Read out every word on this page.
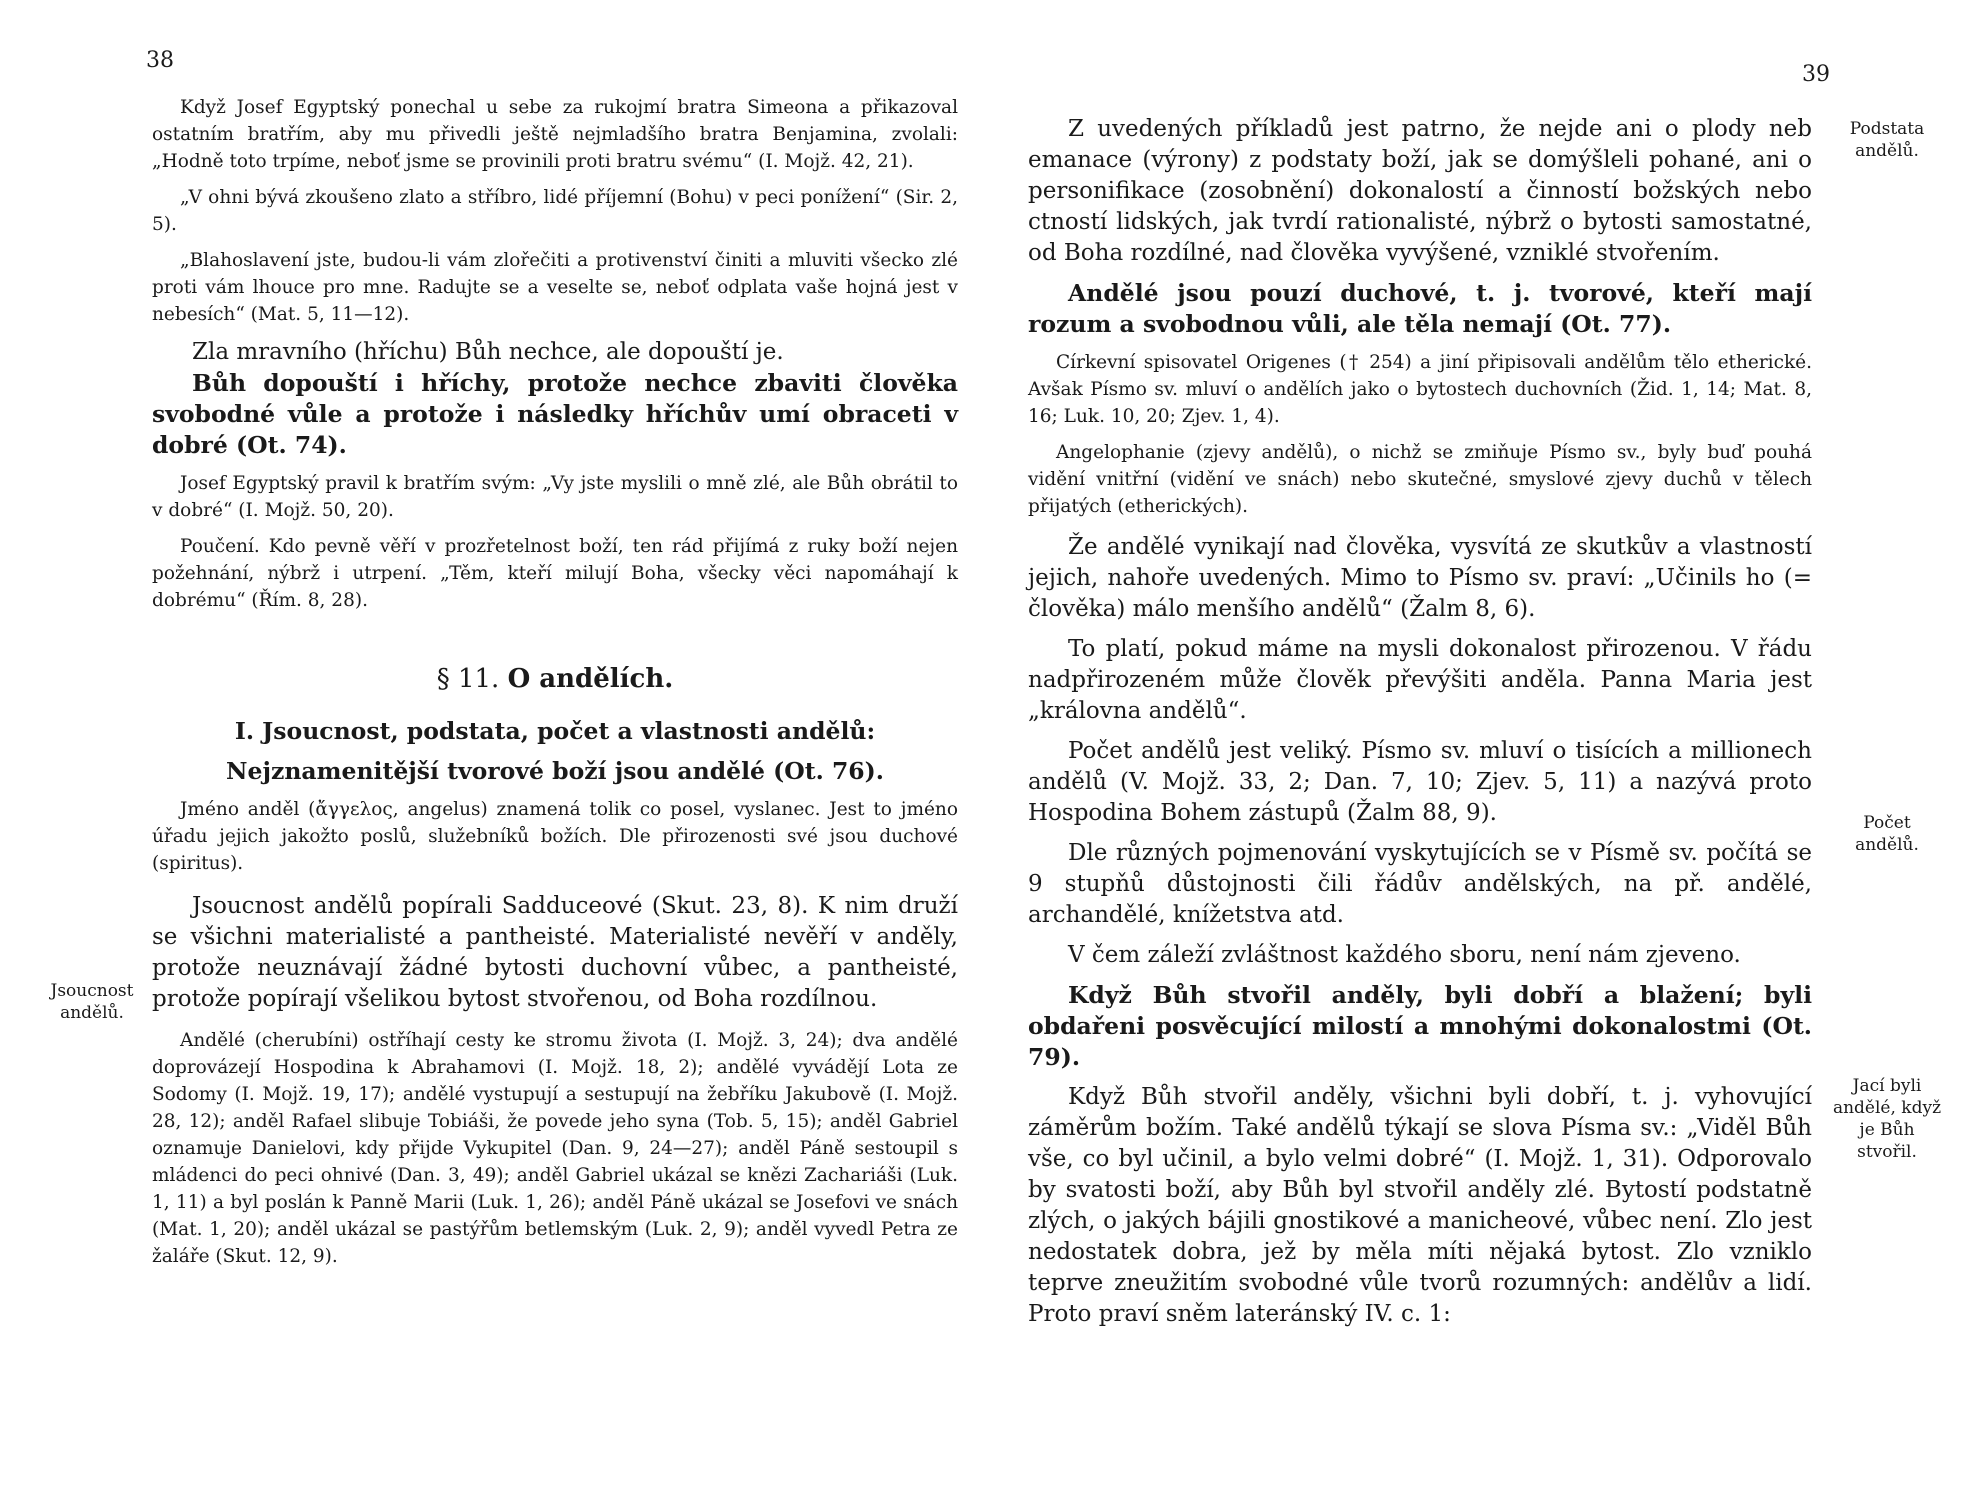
38

Když Josef Egyptský ponechal u sebe za rukojmí bratra Simeona a přikazoval ostatním bratřím, aby mu přivedli ještě nejmladšího bratra Benjamina, zvolali: „Hodně toto trpíme, neboť jsme se provinili proti bratru svému“ (I. Mojž. 42, 21).

„V ohni bývá zkoušeno zlato a stříbro, lidé příjemní (Bohu) v peci ponížení“ (Sir. 2, 5).

„Blahoslavení jste, budou-li vám zlořečiti a protivenství činiti a mluviti všecko zlé proti vám lhouce pro mne. Radujte se a veselte se, neboť odplata vaše hojná jest v nebesích“ (Mat. 5, 11—12).

Zla mravního (hříchu) Bůh nechce, ale dopouští je.

Bůh dopouští i hříchy, protože nechce zbaviti člověka svobodné vůle a protože i následky hříchův umí obraceti v dobré (Ot. 74).

Josef Egyptský pravil k bratřím svým: „Vy jste myslili o mně zlé, ale Bůh obrátil to v dobré“ (I. Mojž. 50, 20).

Poučení. Kdo pevně věří v prozřetelnost boží, ten rád přijímá z ruky boží nejen požehnání, nýbrž i utrpení. „Těm, kteří milují Boha, všecky věci napomáhají k dobrému“ (Řím. 8, 28).

§ 11. O andělích.

I. Jsoucnost, podstata, počet a vlastnosti andělů:

Nejznamenitější tvorové boží jsou andělé (Ot. 76).

Jméno anděl (ἄγγελος, angelus) znamená tolik co posel, vyslanec. Jest to jméno úřadu jejich jakožto poslů, služebníků božích. Dle přirozenosti své jsou duchové (spiritus).

Jsoucnost andělů popírali Sadduceové (Skut. 23, 8). K nim druží se všichni materialisté a pantheisté. Materialisté nevěří v anděly, protože neuznávají žádné bytosti duchovní vůbec, a pantheisté, protože popírají všelikou bytost stvořenou, od Boha rozdílnou.

Andělé (cherubíni) ostříhají cesty ke stromu života (I. Mojž. 3, 24); dva andělé doprovázejí Hospodina k Abrahamovi (I. Mojž. 18, 2); andělé vyvádějí Lota ze Sodomy (I. Mojž. 19, 17); andělé vystupují a sestupují na žebříku Jakubově (I. Mojž. 28, 12); anděl Rafael slibuje Tobiáši, že povede jeho syna (Tob. 5, 15); anděl Gabriel oznamuje Danielovi, kdy přijde Vykupitel (Dan. 9, 24—27); anděl Páně sestoupil s mládenci do peci ohnivé (Dan. 3, 49); anděl Gabriel ukázal se knězi Zachariáši (Luk. 1, 11) a byl poslán k Panně Marii (Luk. 1, 26); anděl Páně ukázal se Josefovi ve snách (Mat. 1, 20); anděl ukázal se pastýřům betlemským (Luk. 2, 9); anděl vyvedl Petra ze žaláře (Skut. 12, 9).

Jsoucnost andělů.
39

Z uvedených příkladů jest patrno, že nejde ani o plody neb emanace (výrony) z podstaty boží, jak se domýšleli pohané, ani o personifikace (zosobnění) dokonalostí a činností božských nebo ctností lidských, jak tvrdí rationalisté, nýbrž o bytosti samostatné, od Boha rozdílné, nad člověka vyvýšené, vzniklé stvořením.

Andělé jsou pouzí duchové, t. j. tvorové, kteří mají rozum a svobodnou vůli, ale těla nemají (Ot. 77).

Církevní spisovatel Origenes († 254) a jiní připisovali andělům tělo etherické. Avšak Písmo sv. mluví o andělích jako o bytostech duchovních (Žid. 1, 14; Mat. 8, 16; Luk. 10, 20; Zjev. 1, 4).

Angelophanie (zjevy andělů), o nichž se zmiňuje Písmo sv., byly buď pouhá vidění vnitřní (vidění ve snách) nebo skutečné, smyslové zjevy duchů v tělech přijatých (etherických).

Že andělé vynikají nad člověka, vysvítá ze skutkův a vlastností jejich, nahoře uvedených. Mimo to Písmo sv. praví: „Učinils ho (= člověka) málo menšího andělů“ (Žalm 8, 6).

To platí, pokud máme na mysli dokonalost přirozenou. V řádu nadpřirozeném může člověk převýšiti anděla. Panna Maria jest „královna andělů“.

Počet andělů jest veliký. Písmo sv. mluví o tisících a millionech andělů (V. Mojž. 33, 2; Dan. 7, 10; Zjev. 5, 11) a nazývá proto Hospodina Bohem zástupů (Žalm 88, 9).

Dle různých pojmenování vyskytujících se v Písmě sv. počítá se 9 stupňů důstojnosti čili řádův andělských, na př. andělé, archandělé, knížetstva atd.

V čem záleží zvláštnost každého sboru, není nám zjeveno.

Když Bůh stvořil anděly, byli dobří a blažení; byli obdařeni posvěcující milostí a mnohými dokonalostmi (Ot. 79).

Když Bůh stvořil anděly, všichni byli dobří, t. j. vyhovující záměrům božím. Také andělů týkají se slova Písma sv.: „Viděl Bůh vše, co byl učinil, a bylo velmi dobré“ (I. Mojž. 1, 31). Odporovalo by svatosti boží, aby Bůh byl stvořil anděly zlé. Bytostí podstatně zlých, o jakých bájili gnostikové a manicheové, vůbec není. Zlo jest nedostatek dobra, jež by měla míti nějaká bytost. Zlo vzniklo teprve zneužitím svobodné vůle tvorů rozumných: andělův a lidí. Proto praví sněm lateránský IV. c. 1:

Podstata andělů.
Počet andělů.
Jací byli andělé, když je Bůh stvořil.
